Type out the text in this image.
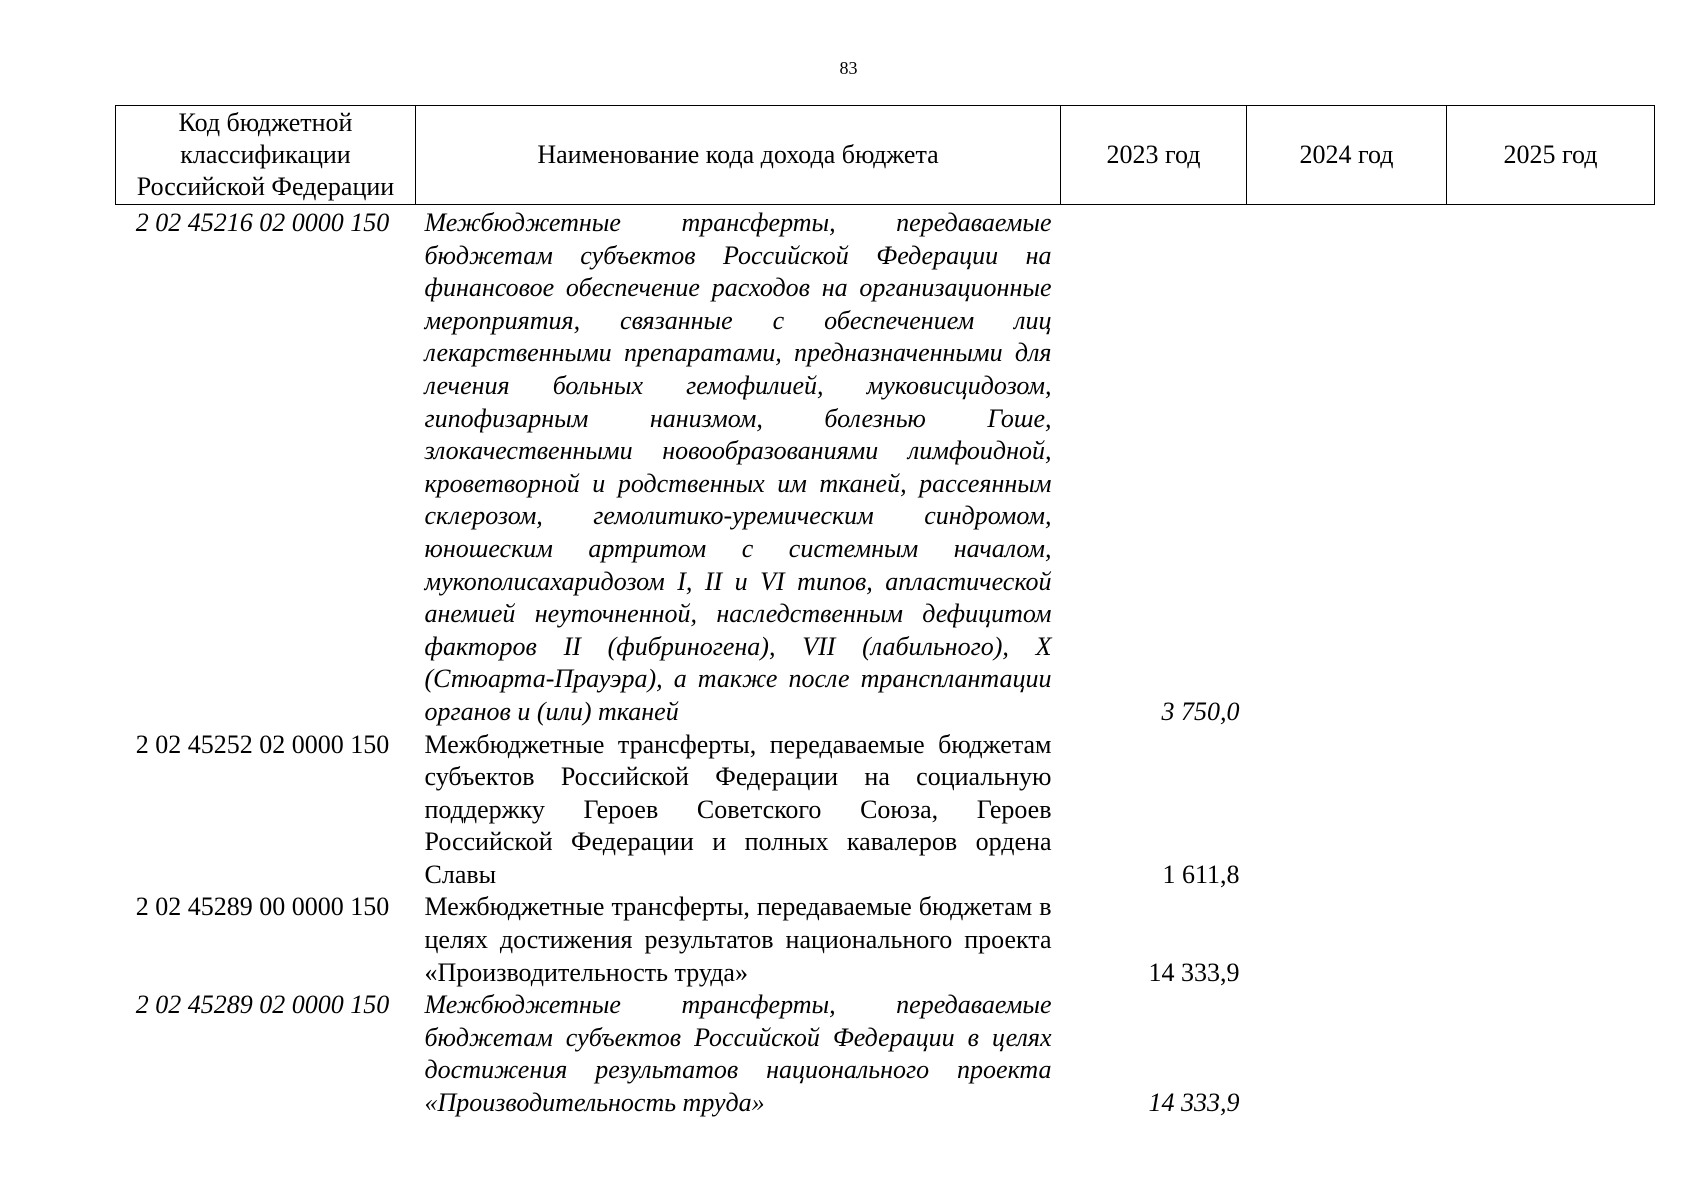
83
Код бюджетной классификации Российской Федерации	Наименование кода дохода бюджета	2023 год	2024 год	2025 год
2 02 45216 02 0000 150	Межбюджетные трансферты, передаваемые бюджетам субъектов Российской Федерации на финансовое обеспечение расходов на организационные мероприятия, связанные с обеспечением лиц лекарственными препаратами, предназначенными для лечения больных гемофилией, муковисцидозом, гипофизарным нанизмом, болезнью Гоше, злокачественными новообразованиями лимфоидной, кроветворной и родственных им тканей, рассеянным склерозом, гемолитико-уремическим синдромом, юношеским артритом с системным началом, мукополисахаридозом I, II и VI типов, апластической анемией неуточненной, наследственным дефицитом факторов II (фибриногена), VII (лабильного), X (Стюарта-Прауэра), а также после трансплантации органов и (или) тканей	3 750,0		
2 02 45252 02 0000 150	Межбюджетные трансферты, передаваемые бюджетам субъектов Российской Федерации на социальную поддержку Героев Советского Союза, Героев Российской Федерации и полных кавалеров ордена Славы	1 611,8		
2 02 45289 00 0000 150	Межбюджетные трансферты, передаваемые бюджетам в целях достижения результатов национального проекта «Производительность труда»	14 333,9		
2 02 45289 02 0000 150	Межбюджетные трансферты, передаваемые бюджетам субъектов Российской Федерации в целях достижения результатов национального проекта «Производительность труда»	14 333,9		
